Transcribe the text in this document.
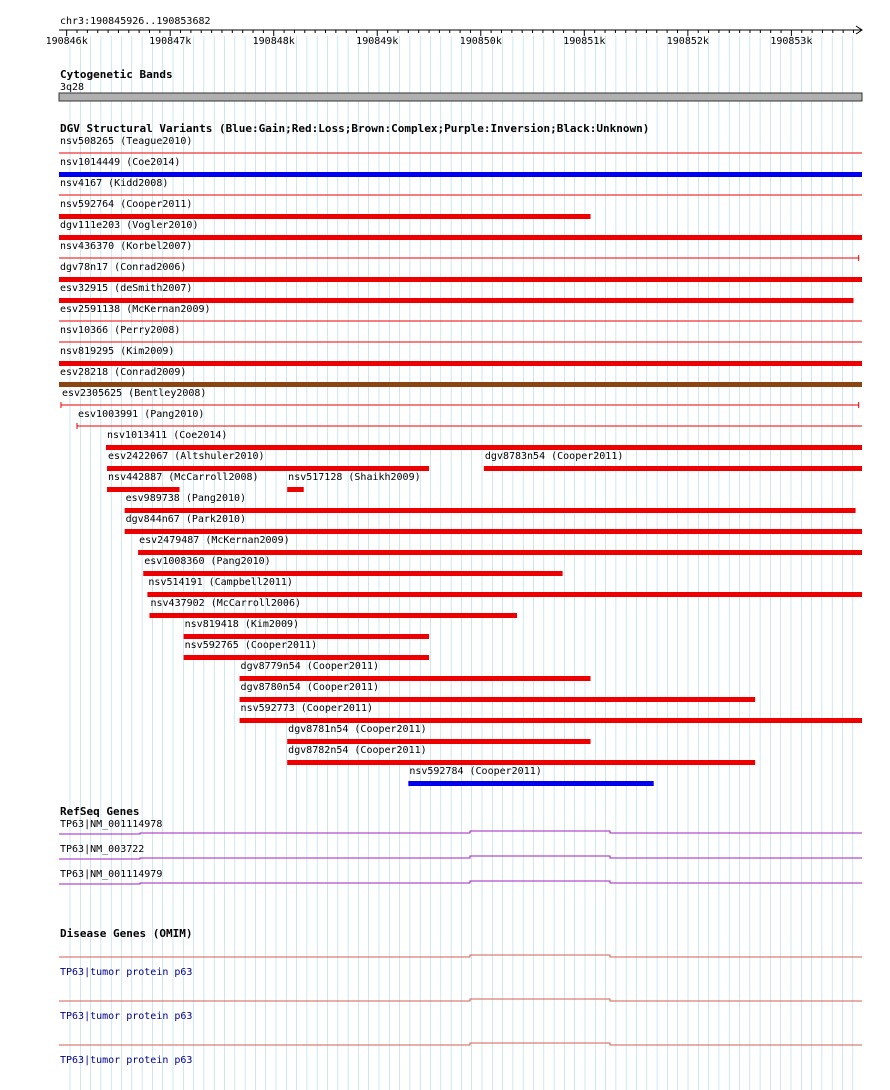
chr3:190845926..190853682
190846k	190847k	190848k	190849k	190850k	190851k	190852k	190853k
Cytogenetic Bands
3q28
DGV Structural Variants (Blue:Gain;Red:Loss;Brown:Complex;Purple:Inversion;Black:Unknown)
nsv508265 (Teague2010)
nsv1014449 (Coe2014)
nsv4167 (Kidd2008)
nsv592764 (Cooper2011)
dgv111e203 (Vogler2010)
nsv436370 (Korbel2007)
dgv78n17 (Conrad2006)
esv32915 (deSmith2007)
esv2591138 (McKernan2009)
nsv10366 (Perry2008)
nsv819295 (Kim2009)
esv28218 (Conrad2009)
esv2305625 (Bentley2008)
esv1003991 (Pang2010)
nsv1013411 (Coe2014)
esv2422067 (Altshuler2010)	dgv8783n54 (Cooper2011)
nsv442887 (McCarroll2008)	nsv517128 (Shaikh2009)
esv989738 (Pang2010)
dgv844n67 (Park2010)
esv2479487 (McKernan2009)
esv1008360 (Pang2010)
nsv514191 (Campbell2011)
nsv437902 (McCarroll2006)
nsv819418 (Kim2009)
nsv592765 (Cooper2011)
dgv8779n54 (Cooper2011)
dgv8780n54 (Cooper2011)
nsv592773 (Cooper2011)
dgv8781n54 (Cooper2011)
dgv8782n54 (Cooper2011)
nsv592784 (Cooper2011)
RefSeq Genes
TP63|NM_001114978
TP63|NM_003722
TP63|NM_001114979
Disease Genes (OMIM)
TP63|tumor protein p63
TP63|tumor protein p63
TP63|tumor protein p63
